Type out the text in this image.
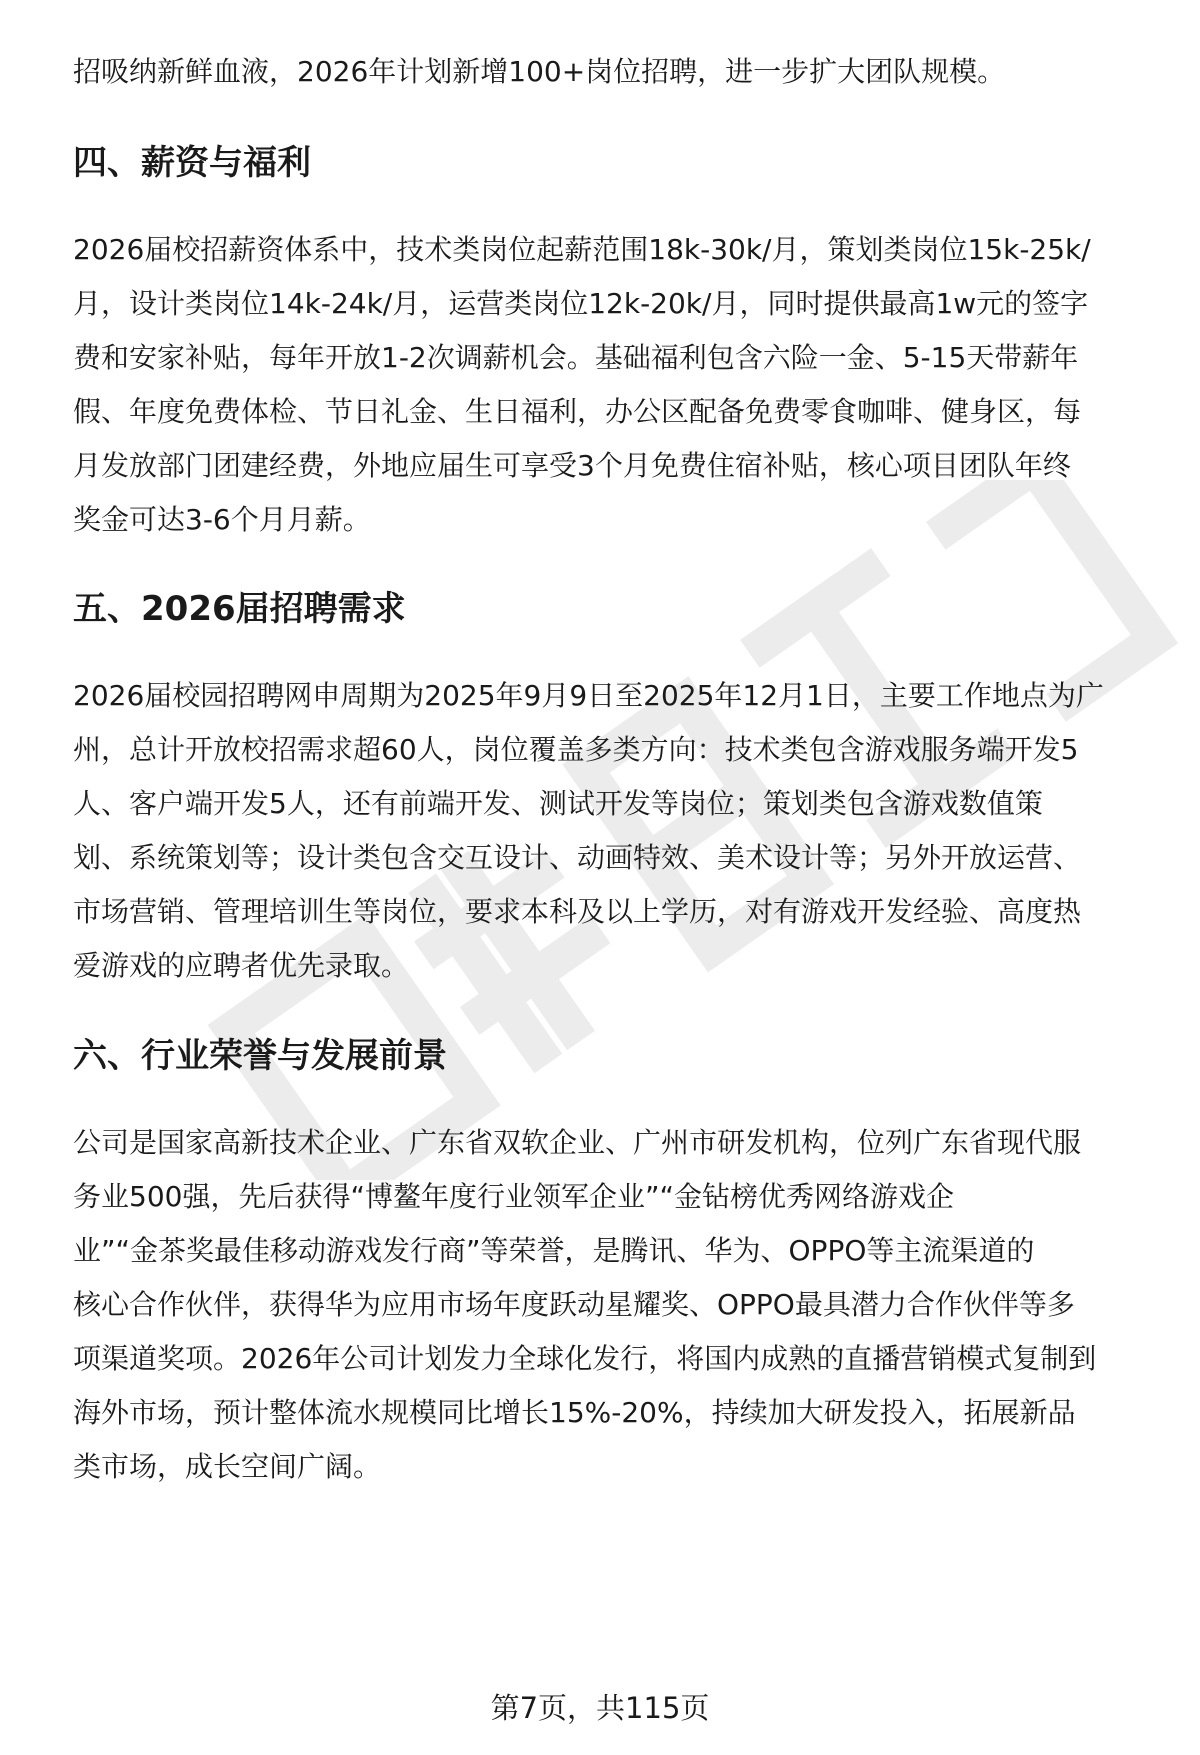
招吸纳新鲜血液，2026年计划新增100+岗位招聘，进一步扩大团队规模。
四、薪资与福利
2026届校招薪资体系中，技术类岗位起薪范围18k-30k/月，策划类岗位15k-25k/
月，设计类岗位14k-24k/月，运营类岗位12k-20k/月，同时提供最高1w元的签字
费和安家补贴，每年开放1-2次调薪机会。基础福利包含六险一金、5-15天带薪年
假、年度免费体检、节日礼金、生日福利，办公区配备免费零食咖啡、健身区，每
月发放部门团建经费，外地应届生可享受3个月免费住宿补贴，核心项目团队年终
奖金可达3-6个月月薪。
五、2026届招聘需求
2026届校园招聘网申周期为2025年9月9日至2025年12月1日，主要工作地点为广
州，总计开放校招需求超60人，岗位覆盖多类方向：技术类包含游戏服务端开发5
人、客户端开发5人，还有前端开发、测试开发等岗位；策划类包含游戏数值策
划、系统策划等；设计类包含交互设计、动画特效、美术设计等；另外开放运营、
市场营销、管理培训生等岗位，要求本科及以上学历，对有游戏开发经验、高度热
爱游戏的应聘者优先录取。
六、行业荣誉与发展前景
公司是国家高新技术企业、广东省双软企业、广州市研发机构，位列广东省现代服
务业500强，先后获得“博鳌年度行业领军企业”“金钻榜优秀网络游戏企
业”“金茶奖最佳移动游戏发行商”等荣誉，是腾讯、华为、OPPO等主流渠道的
核心合作伙伴，获得华为应用市场年度跃动星耀奖、OPPO最具潜力合作伙伴等多
项渠道奖项。2026年公司计划发力全球化发行，将国内成熟的直播营销模式复制到
海外市场，预计整体流水规模同比增长15%-20%，持续加大研发投入，拓展新品
类市场，成长空间广阔。
第7页，共115页
